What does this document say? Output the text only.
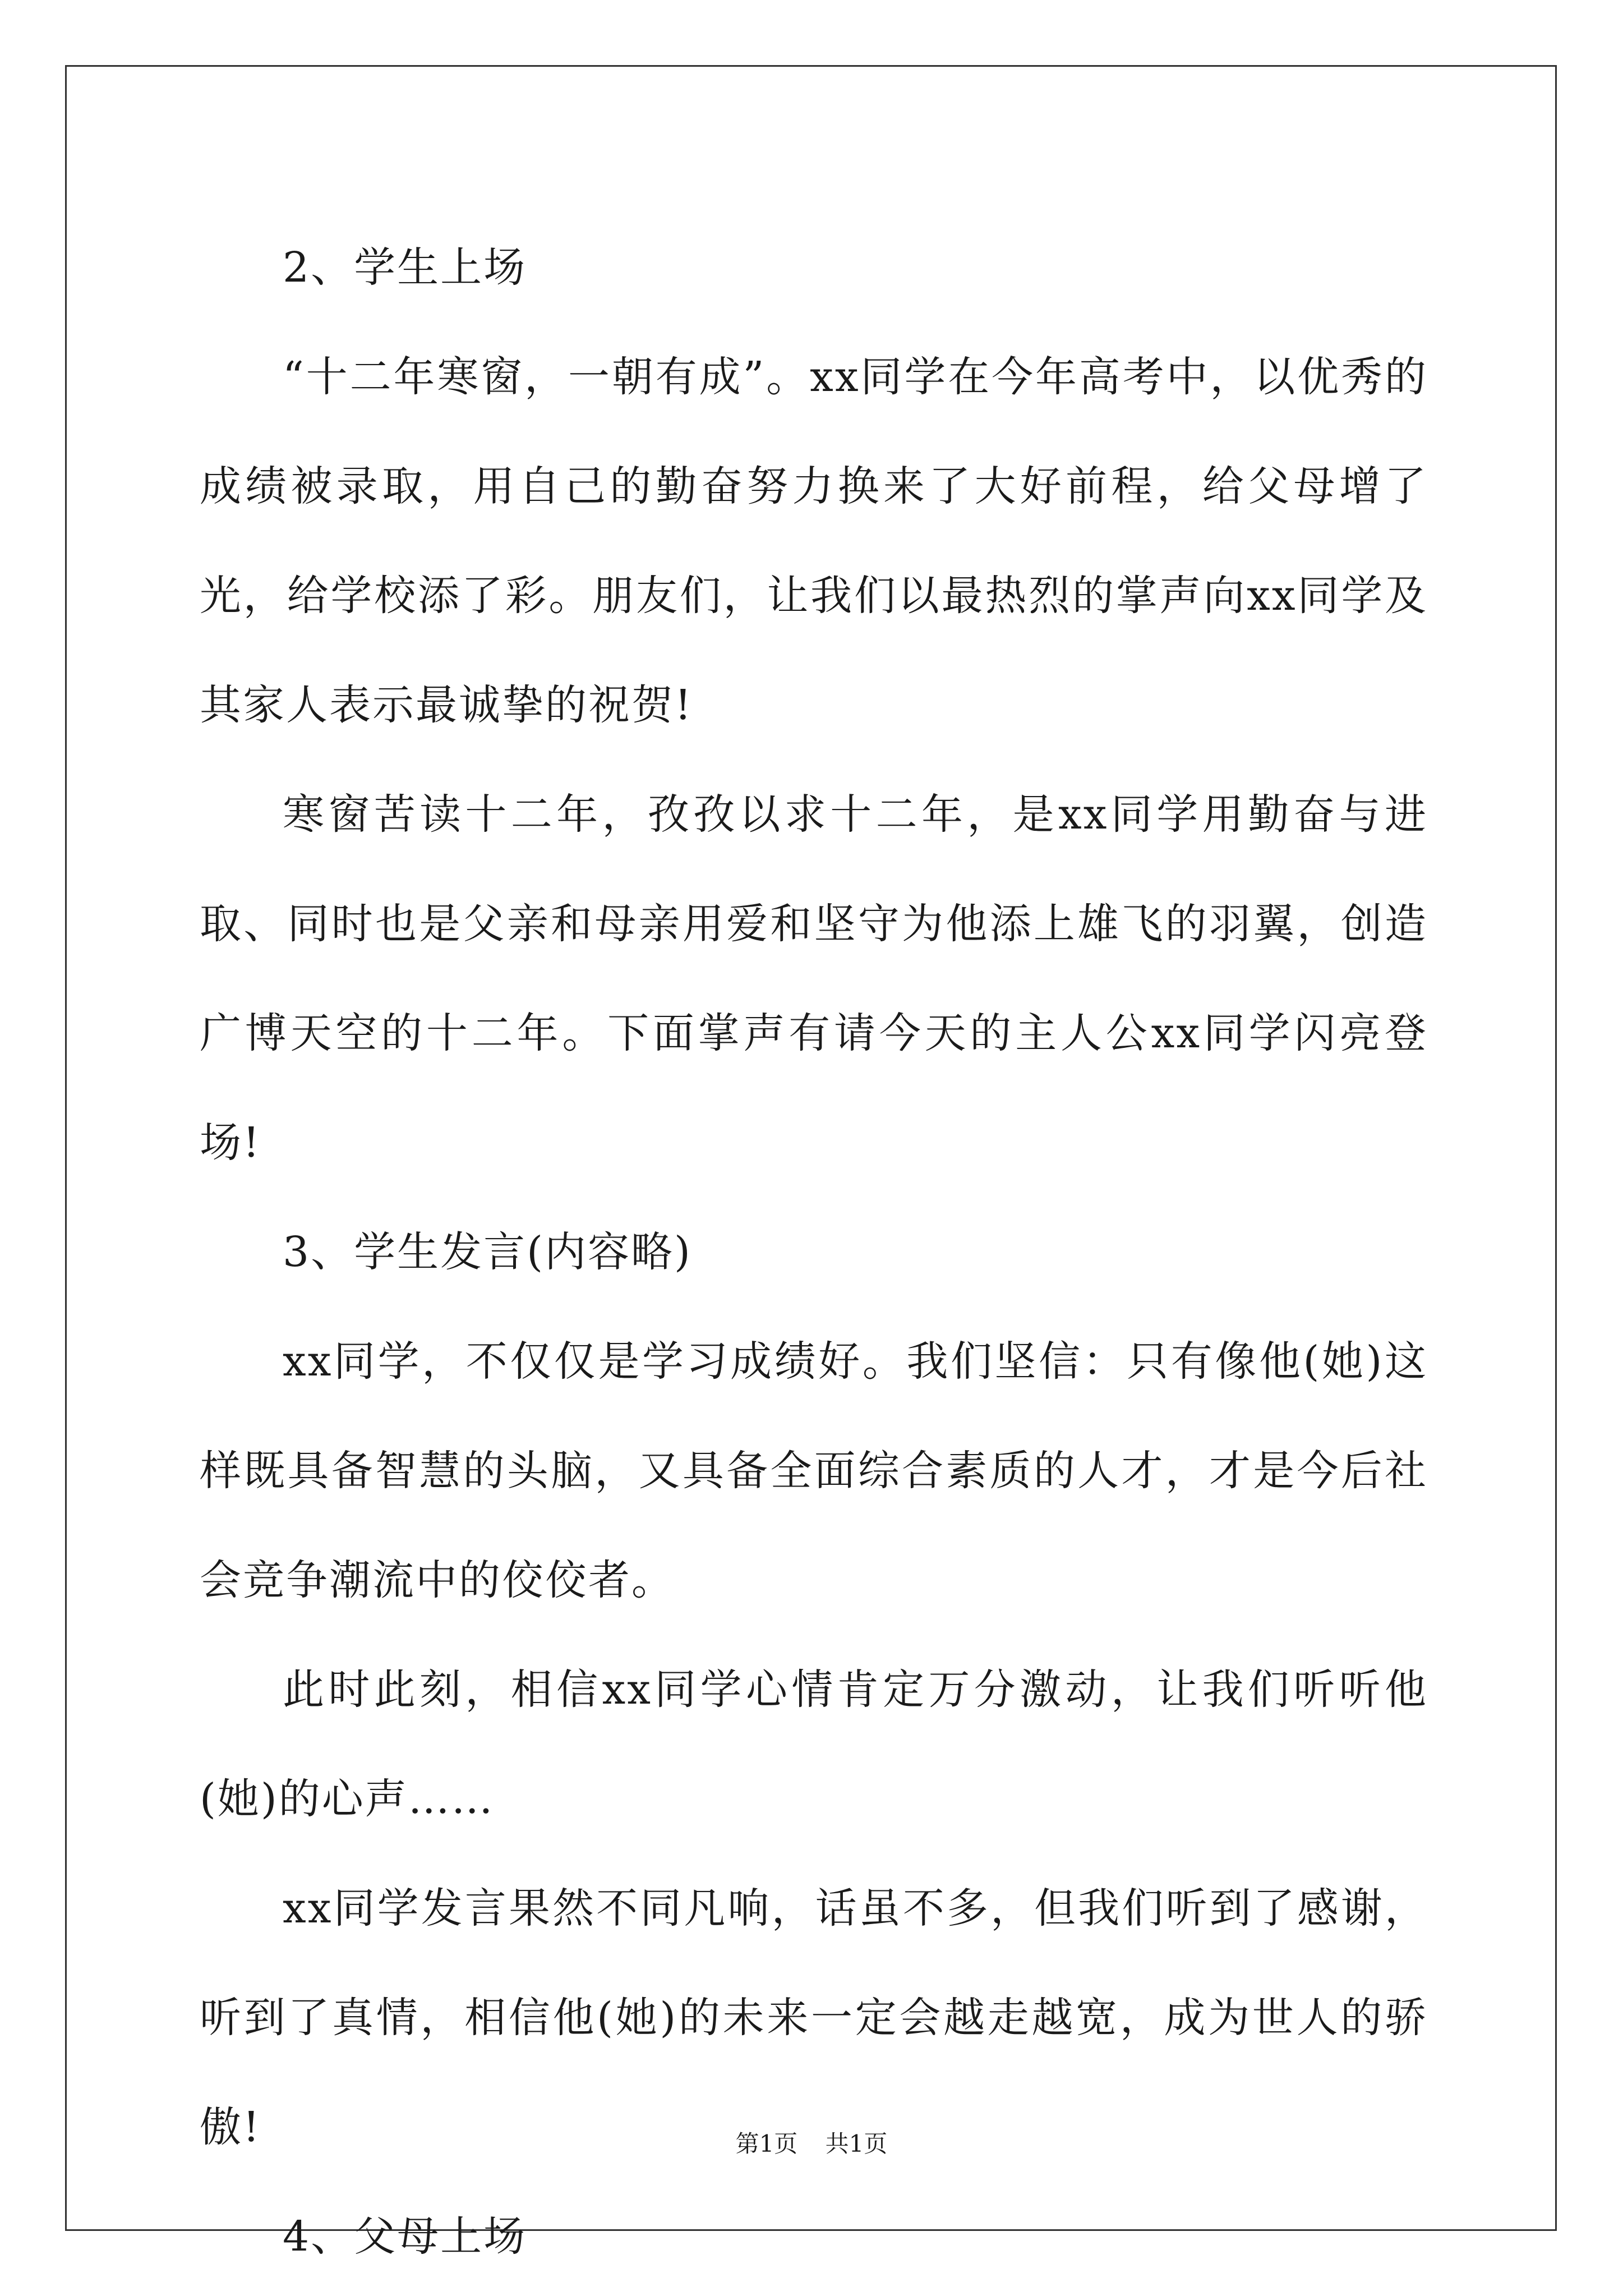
2、学生上场

“十二年寒窗，一朝有成”。xx同学在今年高考中，以优秀的成绩被录取，用自己的勤奋努力换来了大好前程，给父母增了光，给学校添了彩。朋友们，让我们以最热烈的掌声向xx同学及其家人表示最诚挚的祝贺!

寒窗苦读十二年，孜孜以求十二年，是xx同学用勤奋与进取、同时也是父亲和母亲用爱和坚守为他添上雄飞的羽翼，创造广博天空的十二年。下面掌声有请今天的主人公xx同学闪亮登场!

3、学生发言(内容略)

xx同学，不仅仅是学习成绩好。我们坚信：只有像他(她)这样既具备智慧的头脑，又具备全面综合素质的人才，才是今后社会竞争潮流中的佼佼者。

此时此刻，相信xx同学心情肯定万分激动，让我们听听他(她)的心声……

xx同学发言果然不同凡响，话虽不多，但我们听到了感谢，听到了真情，相信他(她)的未来一定会越走越宽，成为世人的骄傲!

4、父母上场

第1页 共1页
